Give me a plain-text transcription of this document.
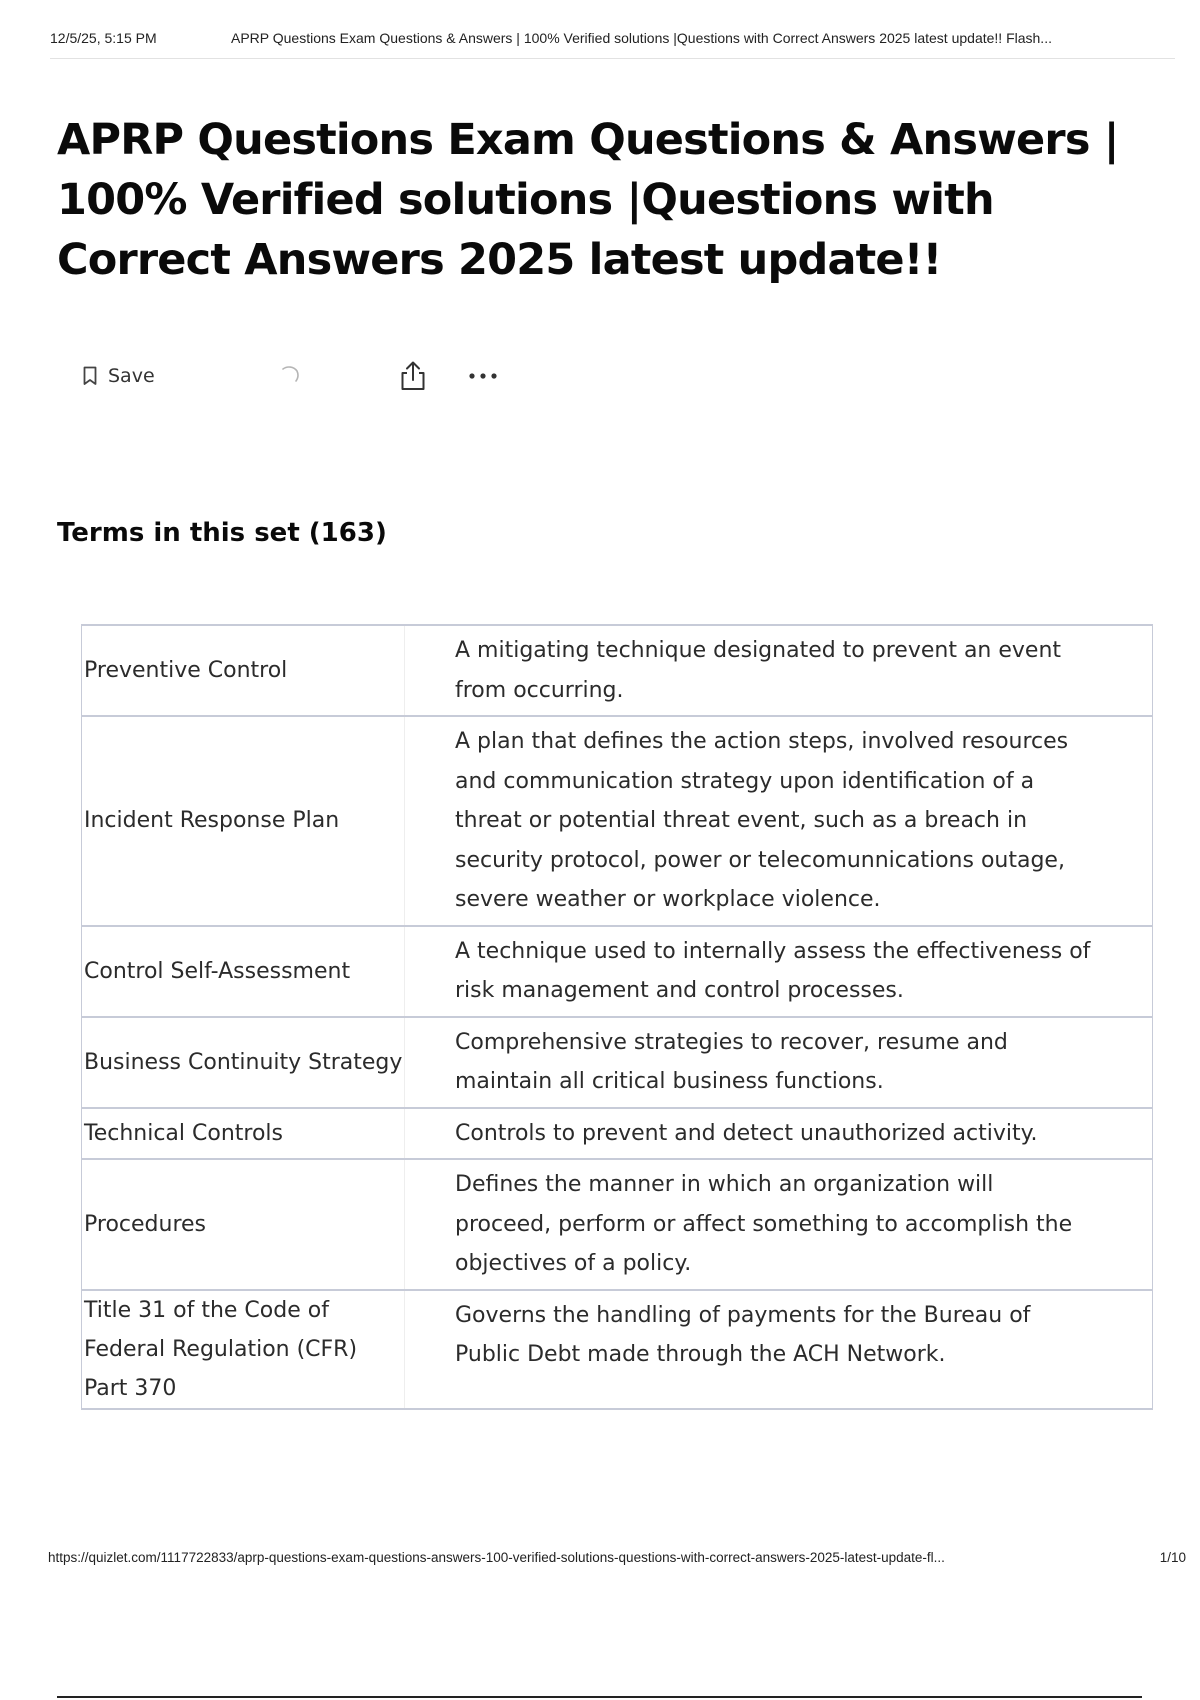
12/5/25, 5:15 PM	APRP Questions Exam Questions & Answers | 100% Verified solutions |Questions with Correct Answers 2025 latest update!! Flash...
APRP Questions Exam Questions & Answers | 100% Verified solutions |Questions with Correct Answers 2025 latest update!!
Save
Terms in this set (163)
Preventive Control	A mitigating technique designated to prevent an event from occurring.
Incident Response Plan	A plan that defines the action steps, involved resources and communication strategy upon identification of a threat or potential threat event, such as a breach in security protocol, power or telecomunnications outage, severe weather or workplace violence.
Control Self-Assessment	A technique used to internally assess the effectiveness of risk management and control processes.
Business Continuity Strategy	Comprehensive strategies to recover, resume and maintain all critical business functions.
Technical Controls	Controls to prevent and detect unauthorized activity.
Procedures	Defines the manner in which an organization will proceed, perform or affect something to accomplish the objectives of a policy.
Title 31 of the Code of Federal Regulation (CFR) Part 370	Governs the handling of payments for the Bureau of Public Debt made through the ACH Network.
https://quizlet.com/1117722833/aprp-questions-exam-questions-answers-100-verified-solutions-questions-with-correct-answers-2025-latest-update-fl...	1/10
